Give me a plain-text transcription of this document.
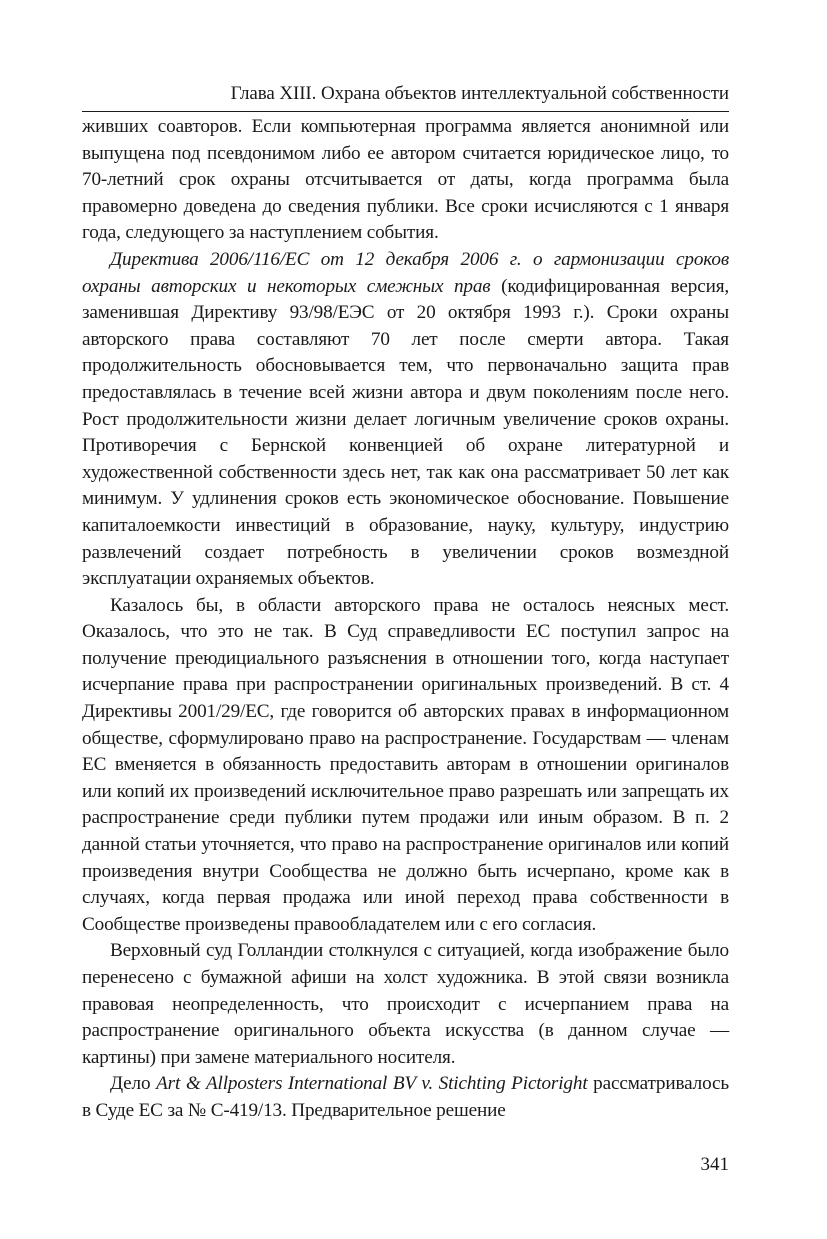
Глава XIII. Охрана объектов интеллектуальной собственности

живших соавторов. Если компьютерная программа является анонимной или выпущена под псевдонимом либо ее автором считается юридическое лицо, то 70-летний срок охраны отсчитывается от даты, когда программа была правомерно доведена до сведения публики. Все сроки исчисляются с 1 января года, следующего за наступлением события.

Директива 2006/116/ЕС от 12 декабря 2006 г. о гармонизации сроков охраны авторских и некоторых смежных прав (кодифицированная версия, заменившая Директиву 93/98/ЕЭС от 20 октября 1993 г.). Сроки охраны авторского права составляют 70 лет после смерти автора. Такая продолжительность обосновывается тем, что первоначально защита прав предоставлялась в течение всей жизни автора и двум поколениям после него. Рост продолжительности жизни делает логичным увеличение сроков охраны. Противоречия с Бернской конвенцией об охране литературной и художественной собственности здесь нет, так как она рассматривает 50 лет как минимум. У удлинения сроков есть экономическое обоснование. Повышение капиталоемкости инвестиций в образование, науку, культуру, индустрию развлечений создает потребность в увеличении сроков возмездной эксплуатации охраняемых объектов.

Казалось бы, в области авторского права не осталось неясных мест. Оказалось, что это не так. В Суд справедливости ЕС поступил запрос на получение преюдициального разъяснения в отношении того, когда наступает исчерпание права при распространении оригинальных произведений. В ст. 4 Директивы 2001/29/ЕС, где говорится об авторских правах в информационном обществе, сформулировано право на распространение. Государствам — членам ЕС вменяется в обязанность предоставить авторам в отношении оригиналов или копий их произведений исключительное право разрешать или запрещать их распространение среди публики путем продажи или иным образом. В п. 2 данной статьи уточняется, что право на распространение оригиналов или копий произведения внутри Сообщества не должно быть исчерпано, кроме как в случаях, когда первая продажа или иной переход права собственности в Сообществе произведены правообладателем или с его согласия.

Верховный суд Голландии столкнулся с ситуацией, когда изображение было перенесено с бумажной афиши на холст художника. В этой связи возникла правовая неопределенность, что происходит с исчерпанием права на распространение оригинального объекта искусства (в данном случае — картины) при замене материального носителя.

Дело Art & Allposters International BV v. Stichting Pictoright рассматривалось в Суде ЕС за № С-419/13. Предварительное решение

341
